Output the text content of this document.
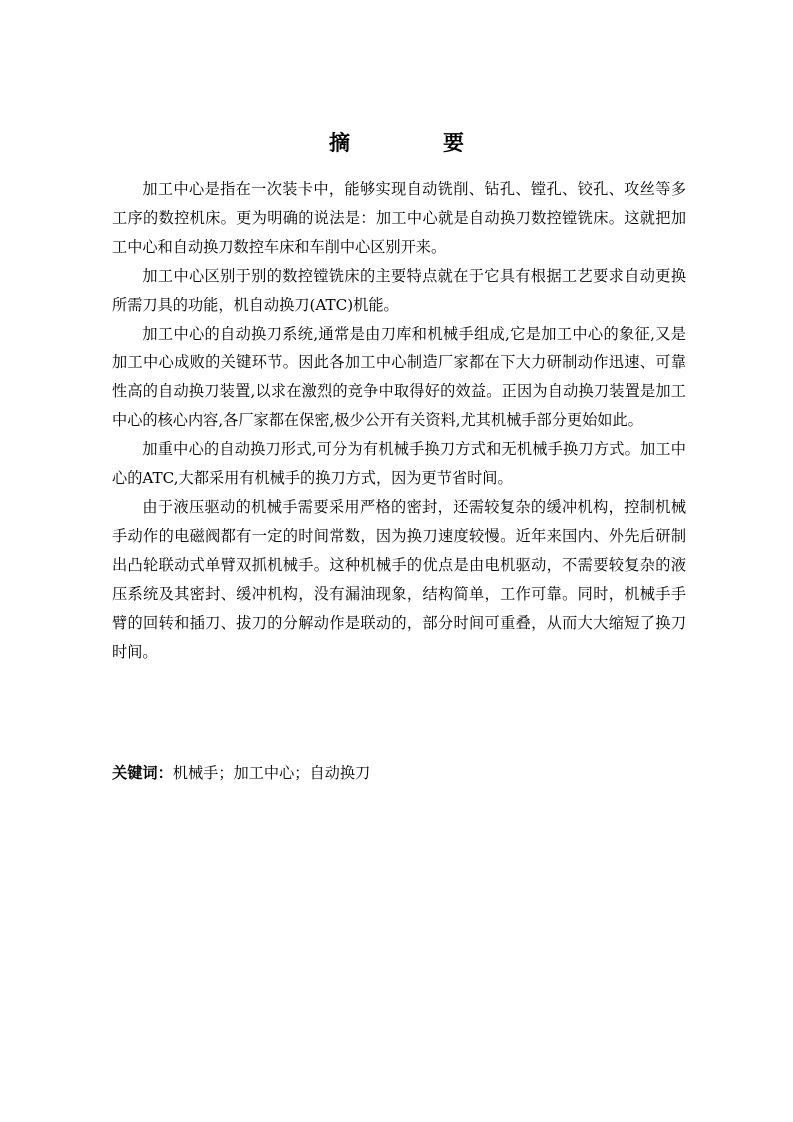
摘　要

加工中心是指在一次装卡中，能够实现自动铣削、钻孔、镗孔、铰孔、攻丝等多工序的数控机床。更为明确的说法是：加工中心就是自动换刀数控镗铣床。这就把加工中心和自动换刀数控车床和车削中心区别开来。

加工中心区别于别的数控镗铣床的主要特点就在于它具有根据工艺要求自动更换所需刀具的功能，机自动换刀(ATC)机能。

加工中心的自动换刀系统,通常是由刀库和机械手组成,它是加工中心的象征,又是加工中心成败的关键环节。因此各加工中心制造厂家都在下大力研制动作迅速、可靠性高的自动换刀装置,以求在激烈的竞争中取得好的效益。正因为自动换刀装置是加工中心的核心内容,各厂家都在保密,极少公开有关资料,尤其机械手部分更始如此。

加重中心的自动换刀形式,可分为有机械手换刀方式和无机械手换刀方式。加工中心的ATC,大都采用有机械手的换刀方式，因为更节省时间。

由于液压驱动的机械手需要采用严格的密封，还需较复杂的缓冲机构，控制机械手动作的电磁阀都有一定的时间常数，因为换刀速度较慢。近年来国内、外先后研制出凸轮联动式单臂双抓机械手。这种机械手的优点是由电机驱动，不需要较复杂的液压系统及其密封、缓冲机构，没有漏油现象，结构简单，工作可靠。同时，机械手手臂的回转和插刀、拔刀的分解动作是联动的，部分时间可重叠，从而大大缩短了换刀时间。

关键词：机械手；加工中心；自动换刀
